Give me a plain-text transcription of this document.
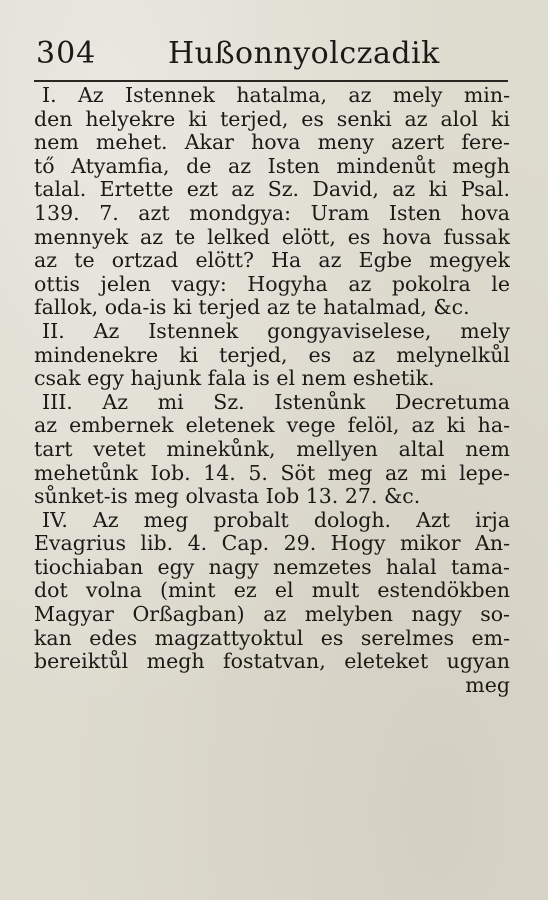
304 Hußonnyolczadik
I. Az Istennek hatalma, az mely min-
den helyekre ki terjed, es senki az alol ki
nem mehet. Akar hova meny azert fere-
tő Atyamfia, de az Isten mindenůt megh
talal. Ertette ezt az Sz. David, az ki Psal.
139. 7. azt mondgya: Uram Isten hova
mennyek az te lelked elött, es hova fussak
az te ortzad elött? Ha az Egbe megyek
ottis jelen vagy: Hogyha az pokolra le
fallok, oda-is ki terjed az te hatalmad, &c.
II. Az Istennek gongyaviselese, mely
mindenekre ki terjed, es az melynelkůl
csak egy hajunk fala is el nem eshetik.
III. Az mi Sz. Istenůnk Decretuma
az embernek eletenek vege felöl, az ki ha-
tart vetet minekůnk, mellyen altal nem
mehetůnk Iob. 14. 5. Söt meg az mi lepe-
sůnket-is meg olvasta Iob 13. 27. &c.
IV. Az meg probalt dologh. Azt irja
Evagrius lib. 4. Cap. 29. Hogy mikor An-
tiochiaban egy nagy nemzetes halal tama-
dot volna (mint ez el mult estendökben
Magyar Orßagban) az melyben nagy so-
kan edes magzattyoktul es serelmes em-
bereiktůl megh fostatvan, eleteket ugyan
meg
